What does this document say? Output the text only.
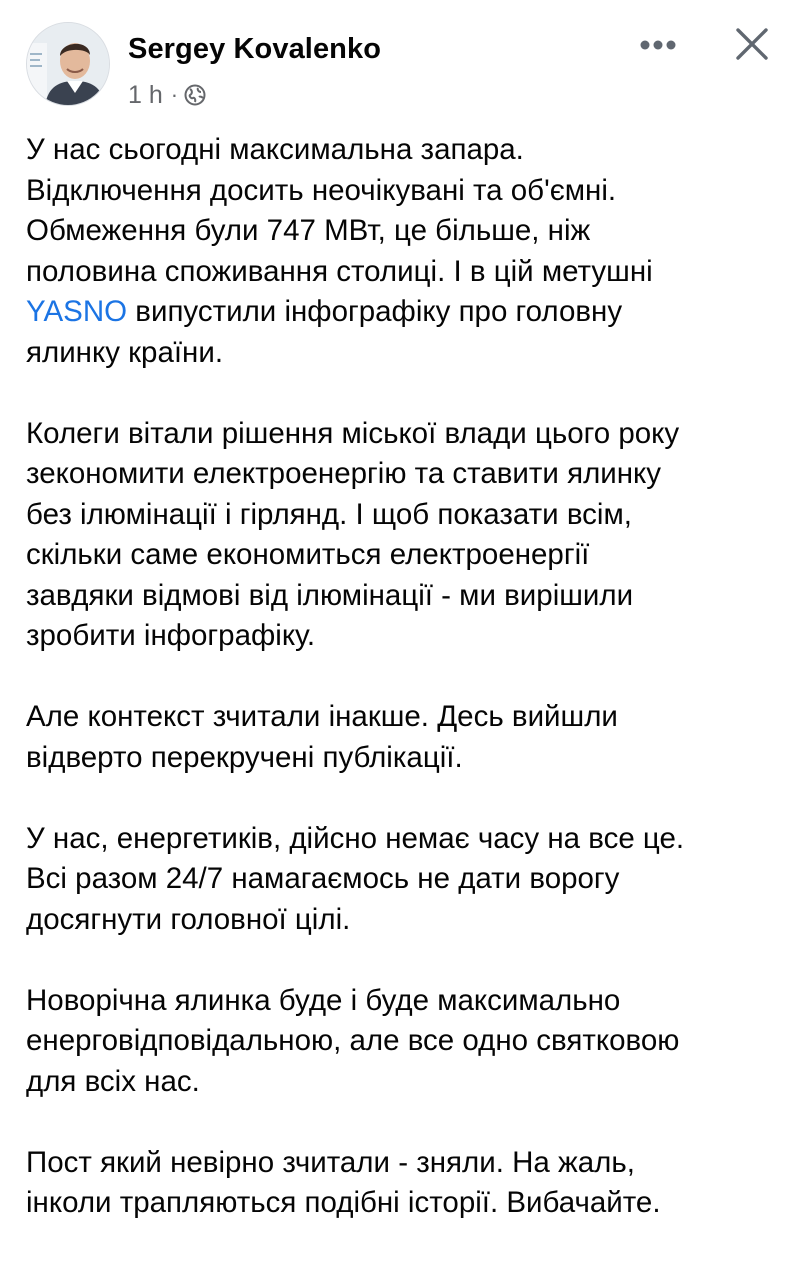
Sergey Kovalenko
1 h ·

У нас сьогодні максимальна запара.
Відключення досить неочікувані та об'ємні.
Обмеження були 747 МВт, це більше, ніж
половина споживання столиці. І в цій метушні
YASNO випустили інфографіку про головну
ялинку країни.

Колеги вітали рішення міської влади цього року
зекономити електроенергію та ставити ялинку
без ілюмінації і гірлянд. І щоб показати всім,
скільки саме економиться електроенергії
завдяки відмові від ілюмінації - ми вирішили
зробити інфографіку.

Але контекст зчитали інакше. Десь вийшли
відверто перекручені публікації.

У нас, енергетиків, дійсно немає часу на все це.
Всі разом 24/7 намагаємось не дати ворогу
досягнути головної цілі.

Новорічна ялинка буде і буде максимально
енерговідповідальною, але все одно святковою
для всіх нас.

Пост який невірно зчитали - зняли. На жаль,
інколи трапляються подібні історії. Вибачайте.
